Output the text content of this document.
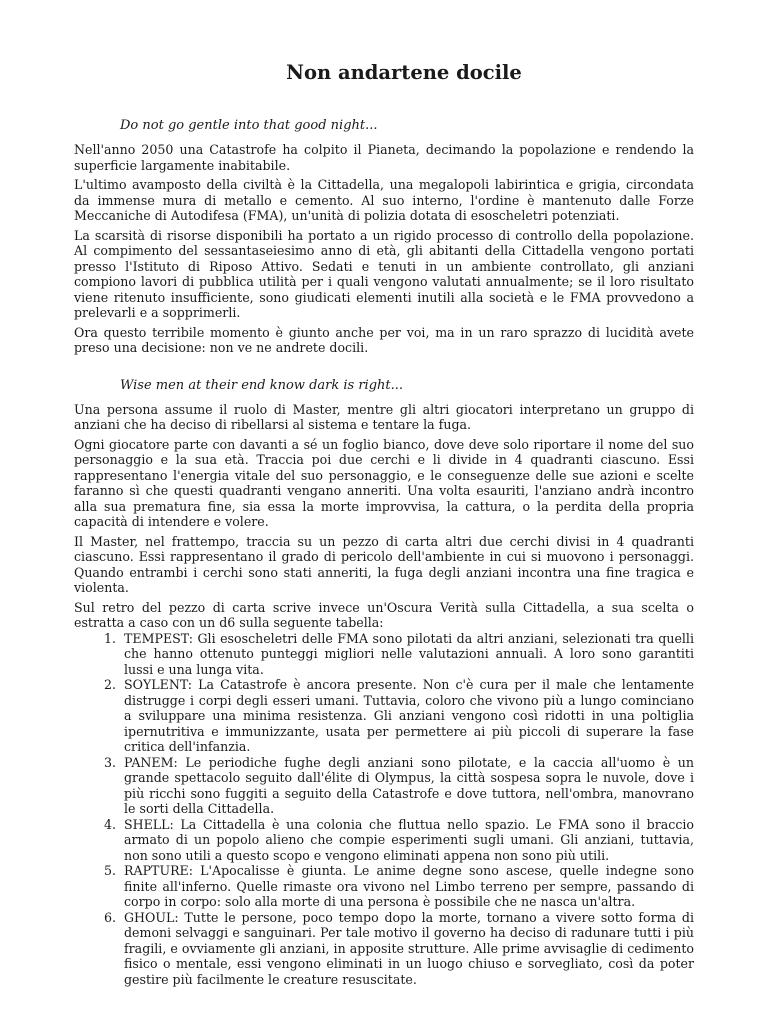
Non andartene docile
Do not go gentle into that good night...

Nell'anno 2050 una Catastrofe ha colpito il Pianeta, decimando la popolazione e rendendo la superficie largamente inabitabile.

L'ultimo avamposto della civiltà è la Cittadella, una megalopoli labirintica e grigia, circondata da immense mura di metallo e cemento. Al suo interno, l'ordine è mantenuto dalle Forze Meccaniche di Autodifesa (FMA), un'unità di polizia dotata di esoscheletri potenziati.

La scarsità di risorse disponibili ha portato a un rigido processo di controllo della popolazione. Al compimento del sessantaseiesimo anno di età, gli abitanti della Cittadella vengono portati presso l'Istituto di Riposo Attivo. Sedati e tenuti in un ambiente controllato, gli anziani compiono lavori di pubblica utilità per i quali vengono valutati annualmente; se il loro risultato viene ritenuto insufficiente, sono giudicati elementi inutili alla società e le FMA provvedono a prelevarli e a sopprimerli.

Ora questo terribile momento è giunto anche per voi, ma in un raro sprazzo di lucidità avete preso una decisione: non ve ne andrete docili.

Wise men at their end know dark is right...

Una persona assume il ruolo di Master, mentre gli altri giocatori interpretano un gruppo di anziani che ha deciso di ribellarsi al sistema e tentare la fuga.

Ogni giocatore parte con davanti a sé un foglio bianco, dove deve solo riportare il nome del suo personaggio e la sua età. Traccia poi due cerchi e li divide in 4 quadranti ciascuno. Essi rappresentano l'energia vitale del suo personaggio, e le conseguenze delle sue azioni e scelte faranno sì che questi quadranti vengano anneriti. Una volta esauriti, l'anziano andrà incontro alla sua prematura fine, sia essa la morte improvvisa, la cattura, o la perdita della propria capacità di intendere e volere.

Il Master, nel frattempo, traccia su un pezzo di carta altri due cerchi divisi in 4 quadranti ciascuno. Essi rappresentano il grado di pericolo dell'ambiente in cui si muovono i personaggi. Quando entrambi i cerchi sono stati anneriti, la fuga degli anziani incontra una fine tragica e violenta.

Sul retro del pezzo di carta scrive invece un'Oscura Verità sulla Cittadella, a sua scelta o estratta a caso con un d6 sulla seguente tabella:

1. TEMPEST: Gli esoscheletri delle FMA sono pilotati da altri anziani, selezionati tra quelli che hanno ottenuto punteggi migliori nelle valutazioni annuali. A loro sono garantiti lussi e una lunga vita.
2. SOYLENT: La Catastrofe è ancora presente. Non c'è cura per il male che lentamente distrugge i corpi degli esseri umani. Tuttavia, coloro che vivono più a lungo cominciano a sviluppare una minima resistenza. Gli anziani vengono così ridotti in una poltiglia ipernutritiva e immunizzante, usata per permettere ai più piccoli di superare la fase critica dell'infanzia.
3. PANEM: Le periodiche fughe degli anziani sono pilotate, e la caccia all'uomo è un grande spettacolo seguito dall'élite di Olympus, la città sospesa sopra le nuvole, dove i più ricchi sono fuggiti a seguito della Catastrofe e dove tuttora, nell'ombra, manovrano le sorti della Cittadella.
4. SHELL: La Cittadella è una colonia che fluttua nello spazio. Le FMA sono il braccio armato di un popolo alieno che compie esperimenti sugli umani. Gli anziani, tuttavia, non sono utili a questo scopo e vengono eliminati appena non sono più utili.
5. RAPTURE: L'Apocalisse è giunta. Le anime degne sono ascese, quelle indegne sono finite all'inferno. Quelle rimaste ora vivono nel Limbo terreno per sempre, passando di corpo in corpo: solo alla morte di una persona è possibile che ne nasca un'altra.
6. GHOUL: Tutte le persone, poco tempo dopo la morte, tornano a vivere sotto forma di demoni selvaggi e sanguinari. Per tale motivo il governo ha deciso di radunare tutti i più fragili, e ovviamente gli anziani, in apposite strutture. Alle prime avvisaglie di cedimento fisico o mentale, essi vengono eliminati in un luogo chiuso e sorvegliato, così da poter gestire più facilmente le creature resuscitate.
